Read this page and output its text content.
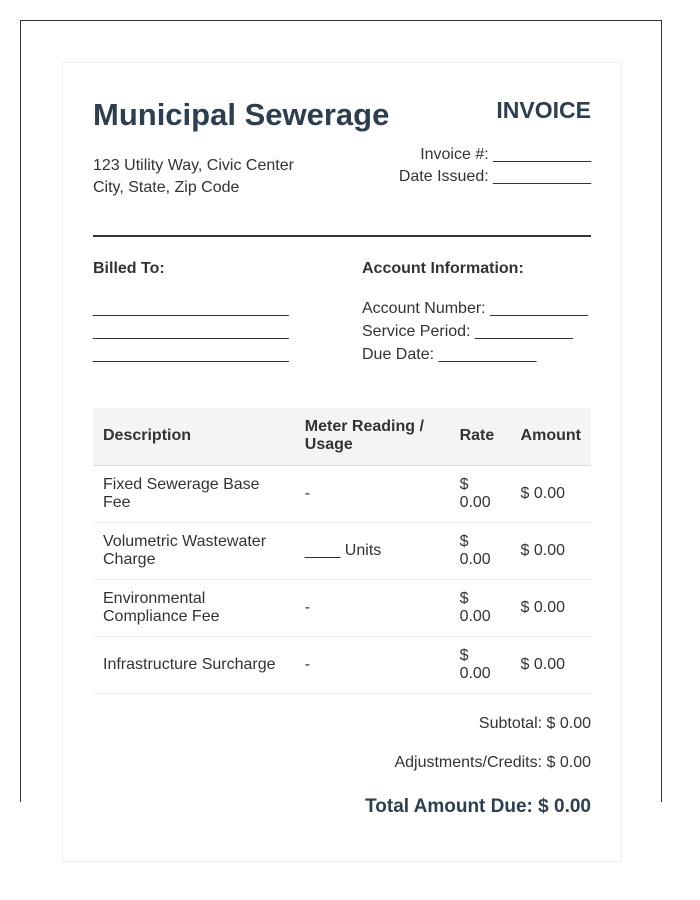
Municipal Sewerage
123 Utility Way, Civic Center
City, State, Zip Code
INVOICE
Invoice #: ___________
Date Issued: ___________
Billed To:
______________________
______________________
______________________
Account Information:
Account Number: ___________
Service Period: ___________
Due Date: ___________
Description	Meter Reading / Usage	Rate	Amount
Fixed Sewerage Base Fee	-	$ 0.00	$ 0.00
Volumetric Wastewater Charge	____ Units	$ 0.00	$ 0.00
Environmental Compliance Fee	-	$ 0.00	$ 0.00
Infrastructure Surcharge	-	$ 0.00	$ 0.00
Subtotal: $ 0.00
Adjustments/Credits: $ 0.00
Total Amount Due: $ 0.00
